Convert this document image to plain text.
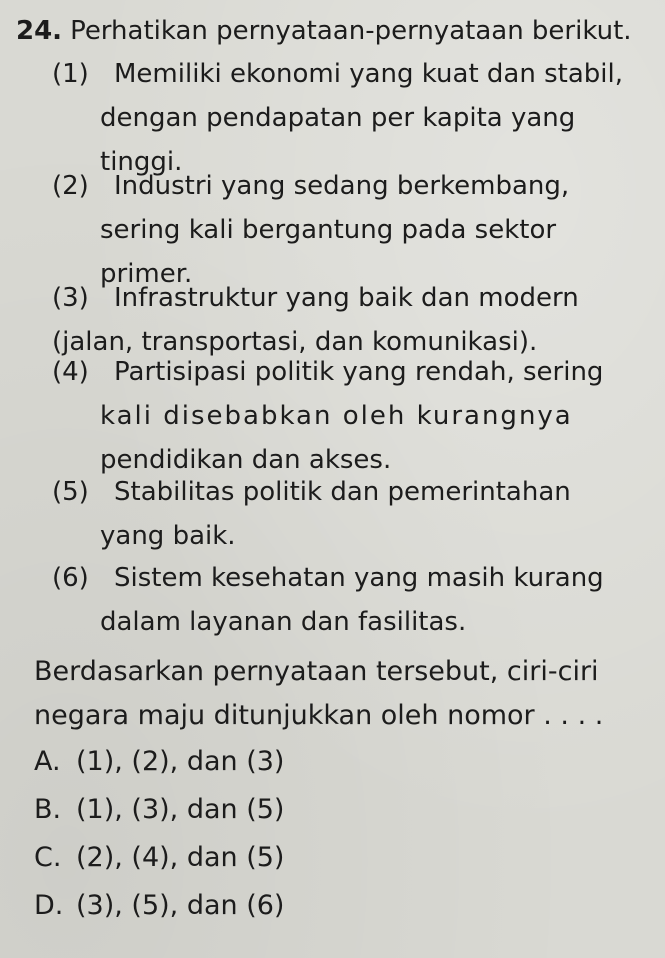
24. Perhatikan pernyataan-pernyataan berikut.
(1) Memiliki ekonomi yang kuat dan stabil,
dengan pendapatan per kapita yang
tinggi.
(2) Industri yang sedang berkembang,
sering kali bergantung pada sektor
primer.
(3) Infrastruktur yang baik dan modern
(jalan, transportasi, dan komunikasi).
(4) Partisipasi politik yang rendah, sering
kali disebabkan oleh kurangnya
pendidikan dan akses.
(5) Stabilitas politik dan pemerintahan
yang baik.
(6) Sistem kesehatan yang masih kurang
dalam layanan dan fasilitas.
Berdasarkan pernyataan tersebut, ciri-ciri
negara maju ditunjukkan oleh nomor . . . .
A. (1), (2), dan (3)
B. (1), (3), dan (5)
C. (2), (4), dan (5)
D. (3), (5), dan (6)
